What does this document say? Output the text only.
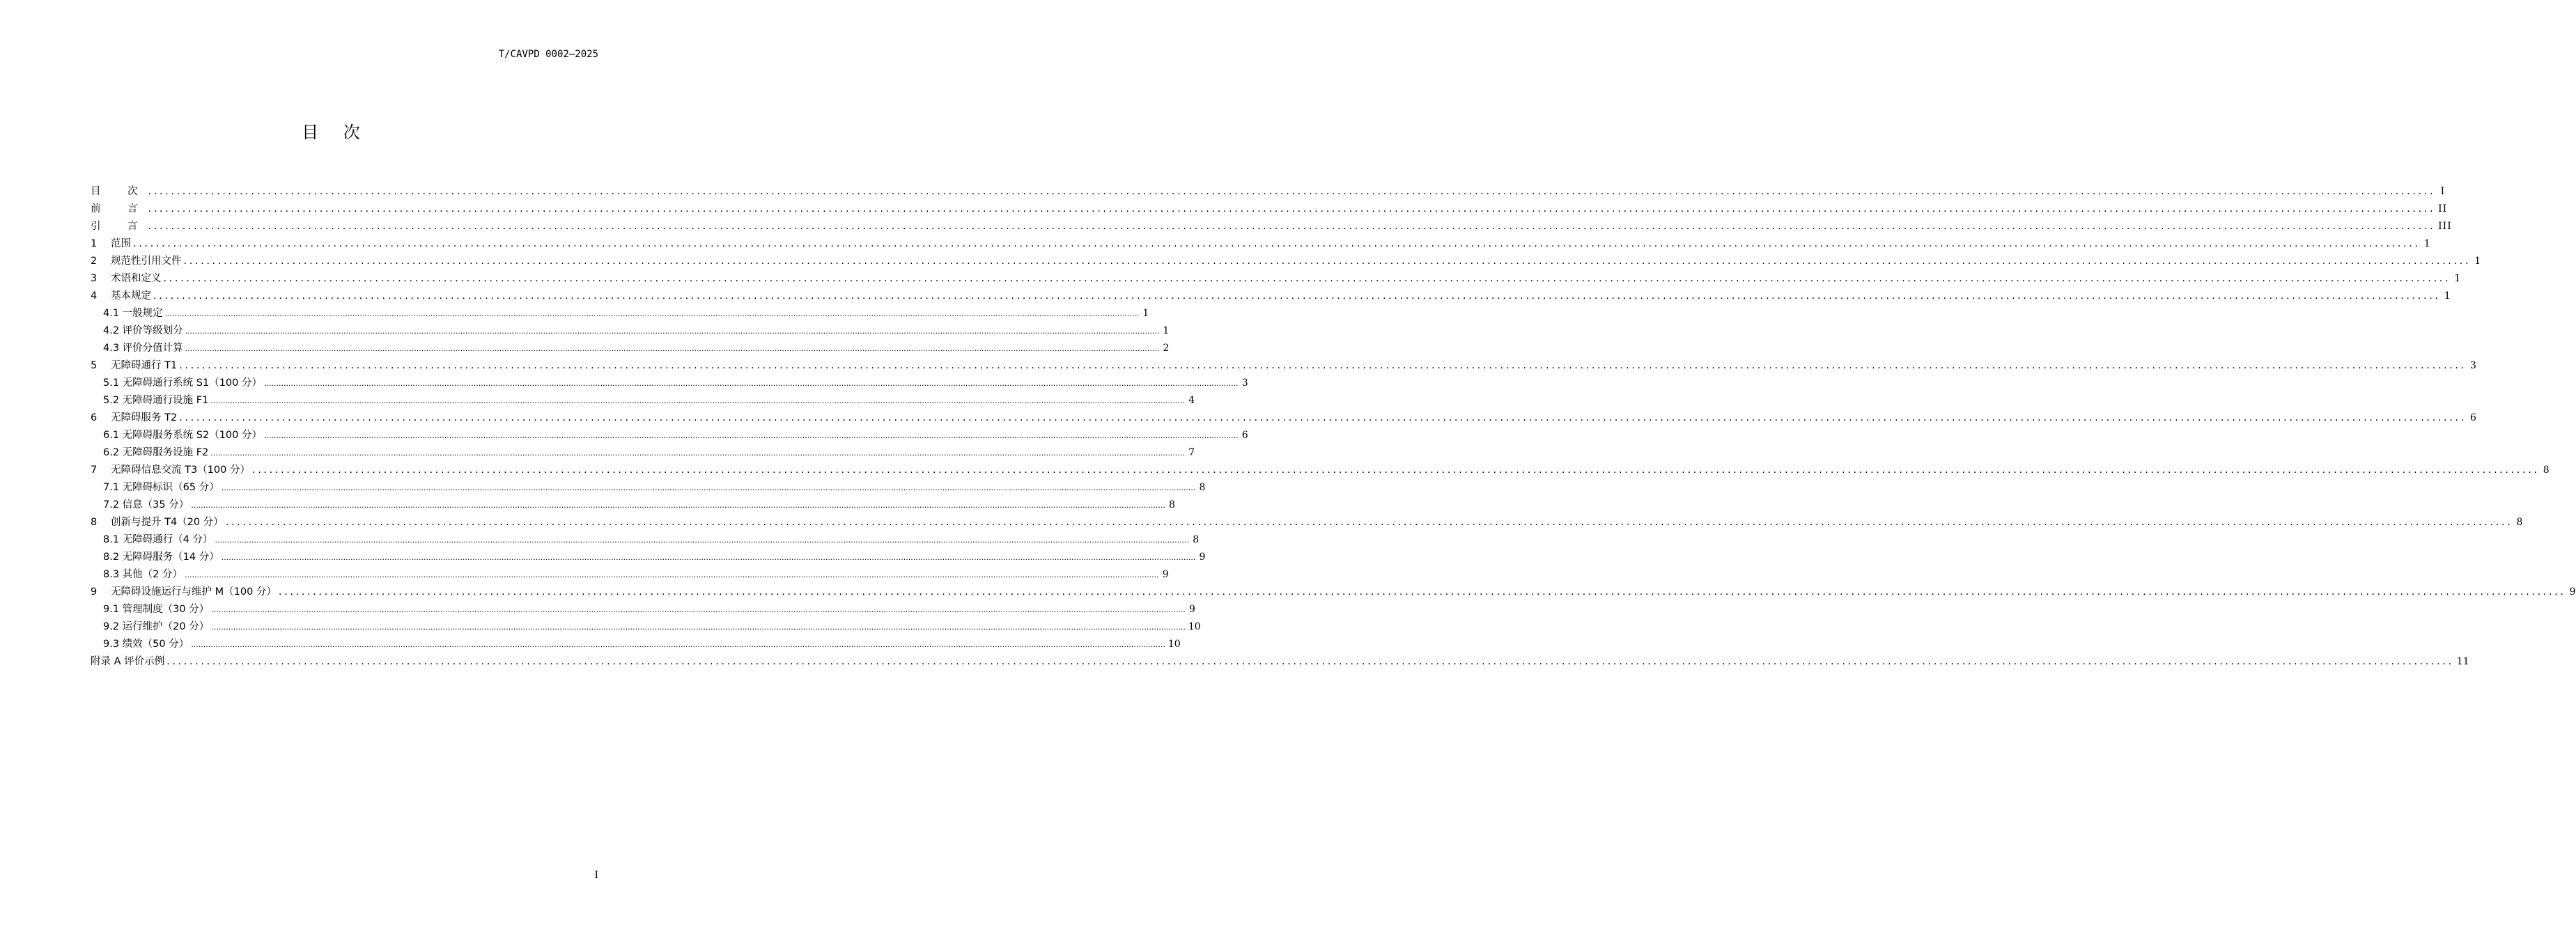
T/CAVPD 0002—2025
目 次
目　次 ................................................................................................................................................................................................................................................................................................................................................................................................................ I
前　言 ................................................................................................................................................................................................................................................................................................................................................................................................................ II
引　言 ................................................................................................................................................................................................................................................................................................................................................................................................................ III
1 范围 ................................................................................................................................................................................................................................................................................................................................................................................................................ 1
2 规范性引用文件 ................................................................................................................................................................................................................................................................................................................................................................................................................ 1
3 术语和定义 ................................................................................................................................................................................................................................................................................................................................................................................................................ 1
4 基本规定 ................................................................................................................................................................................................................................................................................................................................................................................................................ 1
4.1 一般规定 ................................................................................................................................................................................................................................................................................................................................................................................................................ 1
4.2 评价等级划分 ................................................................................................................................................................................................................................................................................................................................................................................................................ 1
4.3 评价分值计算 ................................................................................................................................................................................................................................................................................................................................................................................................................ 2
5 无障碍通行 T1 ................................................................................................................................................................................................................................................................................................................................................................................................................ 3
5.1 无障碍通行系统 S1（100 分） ................................................................................................................................................................................................................................................................................................................................................................................................................ 3
5.2 无障碍通行设施 F1 ................................................................................................................................................................................................................................................................................................................................................................................................................ 4
6 无障碍服务 T2 ................................................................................................................................................................................................................................................................................................................................................................................................................ 6
6.1 无障碍服务系统 S2（100 分） ................................................................................................................................................................................................................................................................................................................................................................................................................ 6
6.2 无障碍服务设施 F2 ................................................................................................................................................................................................................................................................................................................................................................................................................ 7
7 无障碍信息交流 T3（100 分） ................................................................................................................................................................................................................................................................................................................................................................................................................ 8
7.1 无障碍标识（65 分） ................................................................................................................................................................................................................................................................................................................................................................................................................ 8
7.2 信息（35 分） ................................................................................................................................................................................................................................................................................................................................................................................................................ 8
8 创新与提升 T4（20 分） ................................................................................................................................................................................................................................................................................................................................................................................................................ 8
8.1 无障碍通行（4 分） ................................................................................................................................................................................................................................................................................................................................................................................................................ 8
8.2 无障碍服务（14 分） ................................................................................................................................................................................................................................................................................................................................................................................................................ 9
8.3 其他（2 分） ................................................................................................................................................................................................................................................................................................................................................................................................................ 9
9 无障碍设施运行与维护 M（100 分） ................................................................................................................................................................................................................................................................................................................................................................................................................ 9
9.1 管理制度（30 分） ................................................................................................................................................................................................................................................................................................................................................................................................................ 9
9.2 运行维护（20 分） ................................................................................................................................................................................................................................................................................................................................................................................................................ 10
9.3 绩效（50 分） ................................................................................................................................................................................................................................................................................................................................................................................................................ 10
附录 A 评价示例 ................................................................................................................................................................................................................................................................................................................................................................................................................ 11
I
